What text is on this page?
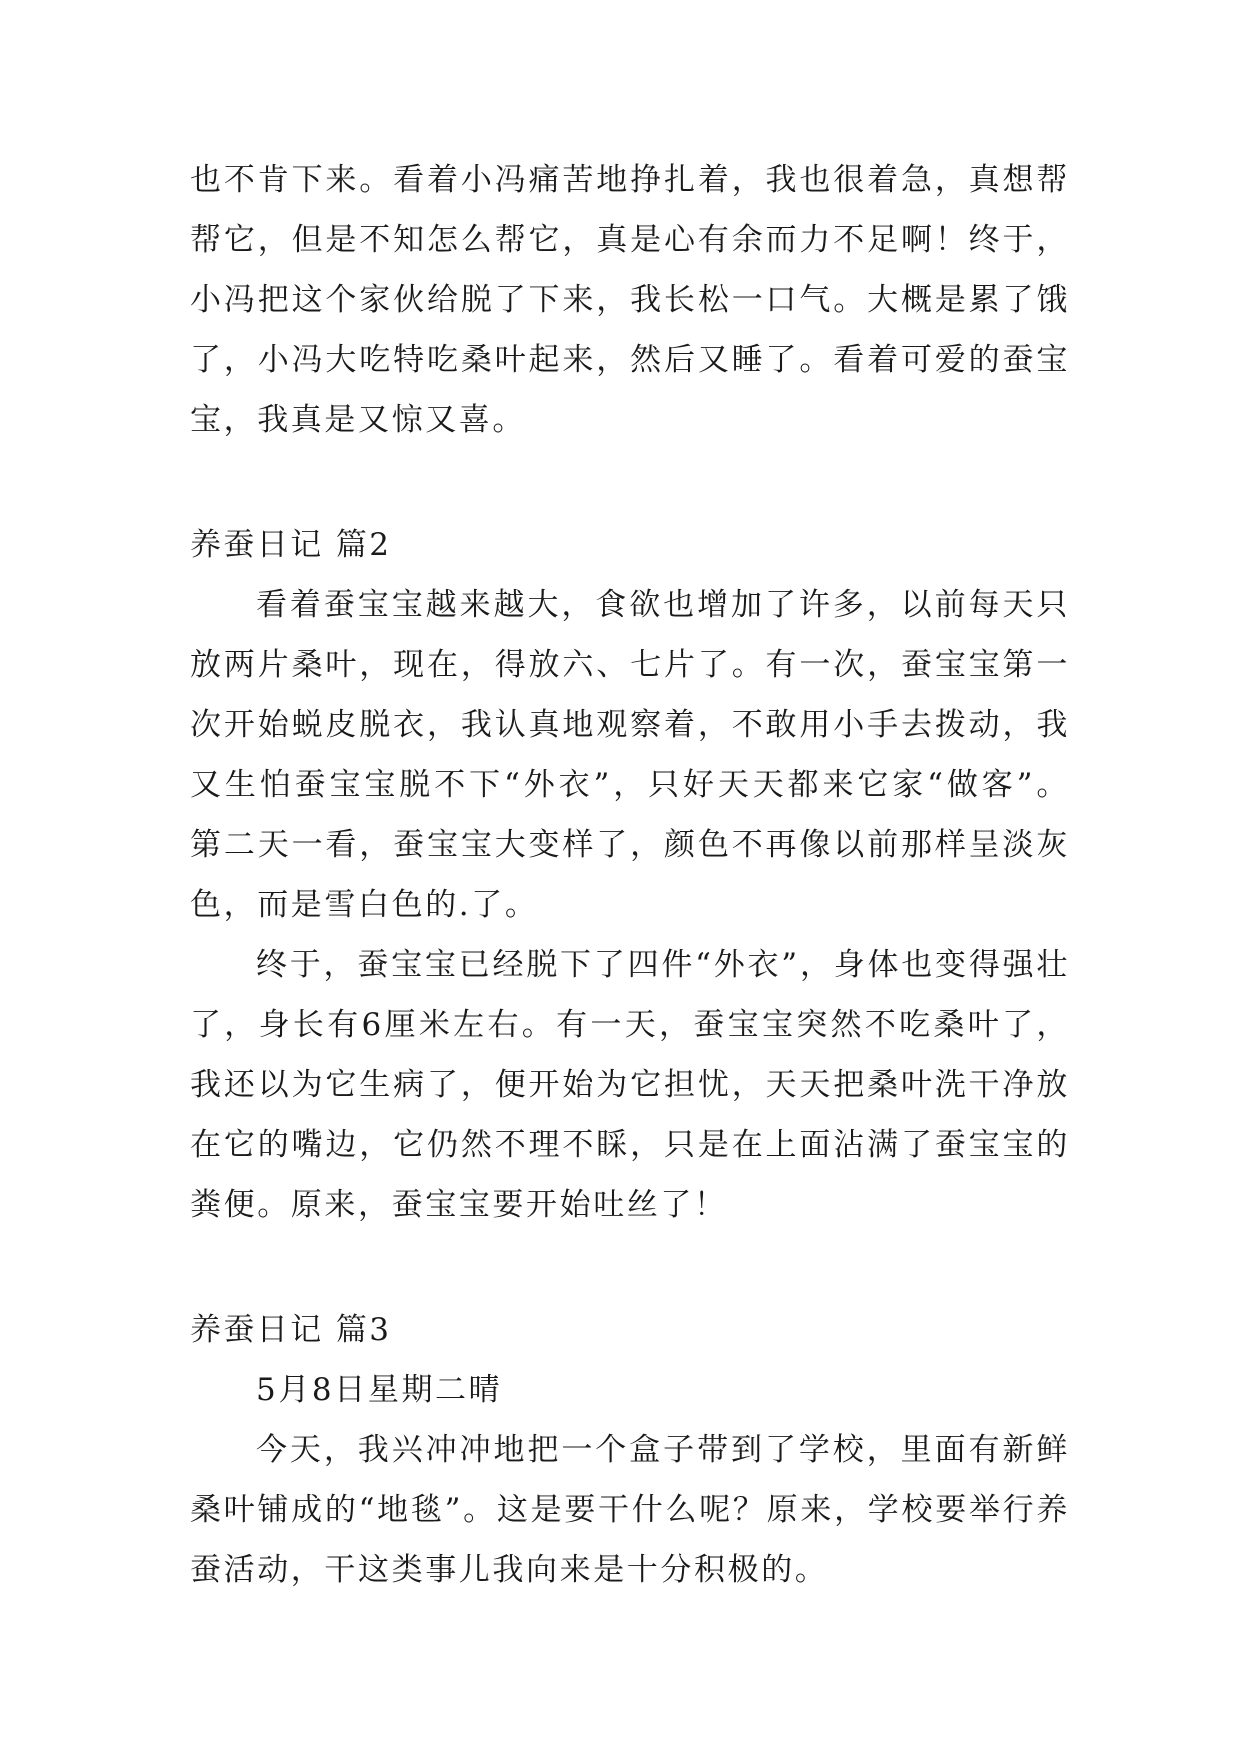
也不肯下来。看着小冯痛苦地挣扎着，我也很着急，真想帮帮它，但是不知怎么帮它，真是心有余而力不足啊！终于，小冯把这个家伙给脱了下来，我长松一口气。大概是累了饿了，小冯大吃特吃桑叶起来，然后又睡了。看着可爱的蚕宝宝，我真是又惊又喜。

养蚕日记 篇2

看着蚕宝宝越来越大，食欲也增加了许多，以前每天只放两片桑叶，现在，得放六、七片了。有一次，蚕宝宝第一次开始蜕皮脱衣，我认真地观察着，不敢用小手去拨动，我又生怕蚕宝宝脱不下“外衣”，只好天天都来它家“做客”。第二天一看，蚕宝宝大变样了，颜色不再像以前那样呈淡灰色，而是雪白色的.了。

终于，蚕宝宝已经脱下了四件“外衣”，身体也变得强壮了，身长有6厘米左右。有一天，蚕宝宝突然不吃桑叶了，我还以为它生病了，便开始为它担忧，天天把桑叶洗干净放在它的嘴边，它仍然不理不睬，只是在上面沾满了蚕宝宝的粪便。原来，蚕宝宝要开始吐丝了！

养蚕日记 篇3

5月8日星期二晴

今天，我兴冲冲地把一个盒子带到了学校，里面有新鲜桑叶铺成的“地毯”。这是要干什么呢？原来，学校要举行养蚕活动，干这类事儿我向来是十分积极的。
